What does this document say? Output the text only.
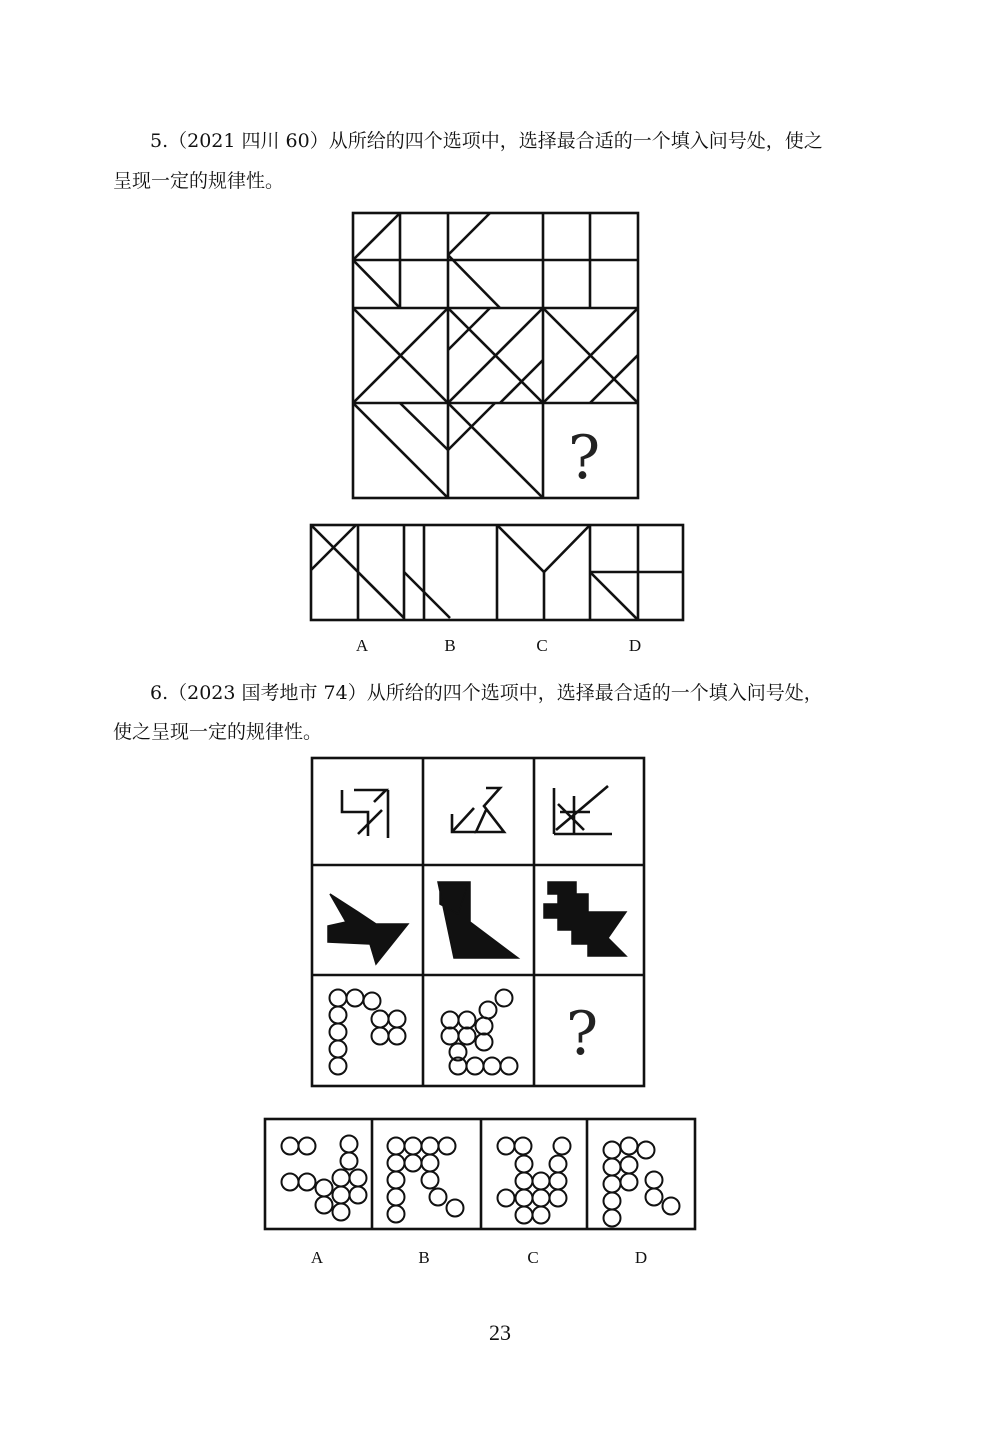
5.（2021 四川 60）从所给的四个选项中，选择最合适的一个填入问号处，使之
呈现一定的规律性。
?
A	B	C	D
6.（2023 国考地市 74）从所给的四个选项中，选择最合适的一个填入问号处，
使之呈现一定的规律性。
?
A	B	C	D
23
